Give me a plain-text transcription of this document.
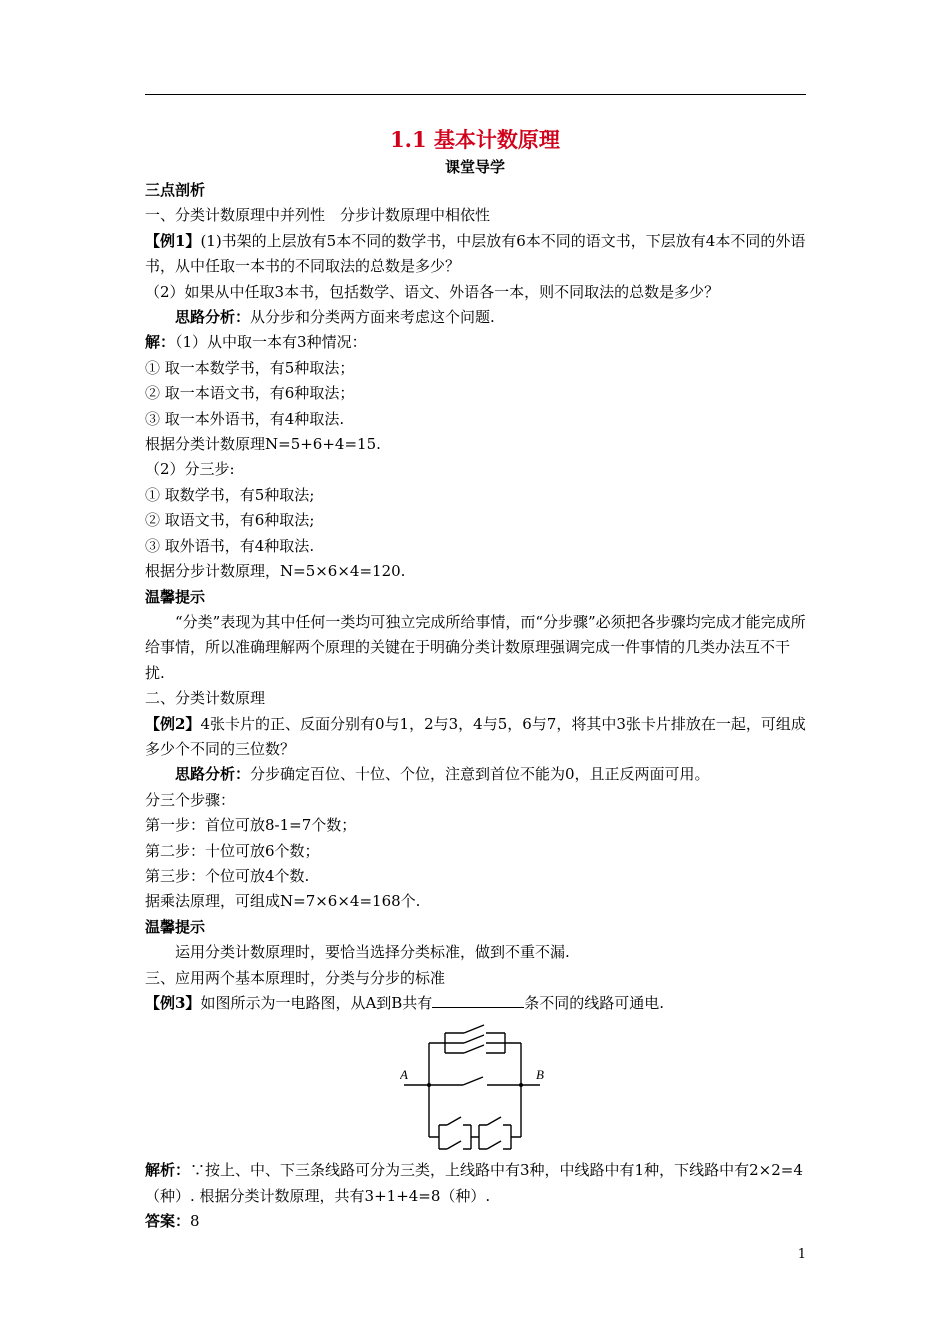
1.1 基本计数原理
课堂导学

三点剖析

一、分类计数原理中并列性　分步计数原理中相依性

【例1】(1)书架的上层放有5本不同的数学书，中层放有6本不同的语文书，下层放有4本不同的外语书，从中任取一本书的不同取法的总数是多少？

（2）如果从中任取3本书，包括数学、语文、外语各一本，则不同取法的总数是多少？

思路分析：从分步和分类两方面来考虑这个问题.

解：（1）从中取一本有3种情况：

① 取一本数学书，有5种取法；

② 取一本语文书，有6种取法；

③ 取一本外语书，有4种取法.

根据分类计数原理N=5+6+4=15.

（2）分三步:

① 取数学书，有5种取法;

② 取语文书，有6种取法;

③ 取外语书，有4种取法.

根据分步计数原理，N=5×6×4=120.

温馨提示

“分类”表现为其中任何一类均可独立完成所给事情，而“分步骤”必须把各步骤均完成才能完成所给事情，所以准确理解两个原理的关键在于明确分类计数原理强调完成一件事情的几类办法互不干扰.

二、分类计数原理

【例2】4张卡片的正、反面分别有0与1，2与3，4与5，6与7，将其中3张卡片排放在一起，可组成多少个不同的三位数？

思路分析：分步确定百位、十位、个位，注意到首位不能为0，且正反两面可用。

分三个步骤：

第一步：首位可放8-1=7个数；

第二步：十位可放6个数；

第三步：个位可放4个数.

据乘法原理，可组成N=7×6×4=168个.

温馨提示

运用分类计数原理时，要恰当选择分类标准，做到不重不漏.

三、应用两个基本原理时，分类与分步的标准

【例3】如图所示为一电路图，从A到B共有	条不同的线路可通电.

A	B

解析：∵按上、中、下三条线路可分为三类，上线路中有3种，中线路中有1种，下线路中有2×2=4（种）. 根据分类计数原理，共有3+1+4=8（种）.

答案：8

1
